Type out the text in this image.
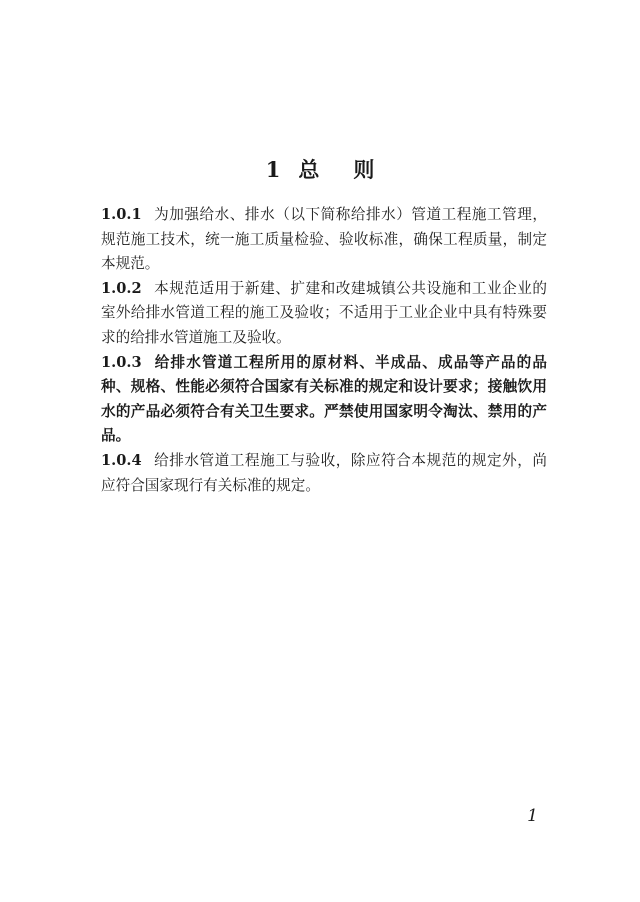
1 总 则

1.0.1 为加强给水、排水（以下简称给排水）管道工程施工管理，规范施工技术，统一施工质量检验、验收标准，确保工程质量，制定本规范。

1.0.2 本规范适用于新建、扩建和改建城镇公共设施和工业企业的室外给排水管道工程的施工及验收；不适用于工业企业中具有特殊要求的给排水管道施工及验收。

1.0.3 给排水管道工程所用的原材料、半成品、成品等产品的品种、规格、性能必须符合国家有关标准的规定和设计要求；接触饮用水的产品必须符合有关卫生要求。严禁使用国家明令淘汰、禁用的产品。

1.0.4 给排水管道工程施工与验收，除应符合本规范的规定外，尚应符合国家现行有关标准的规定。

1
